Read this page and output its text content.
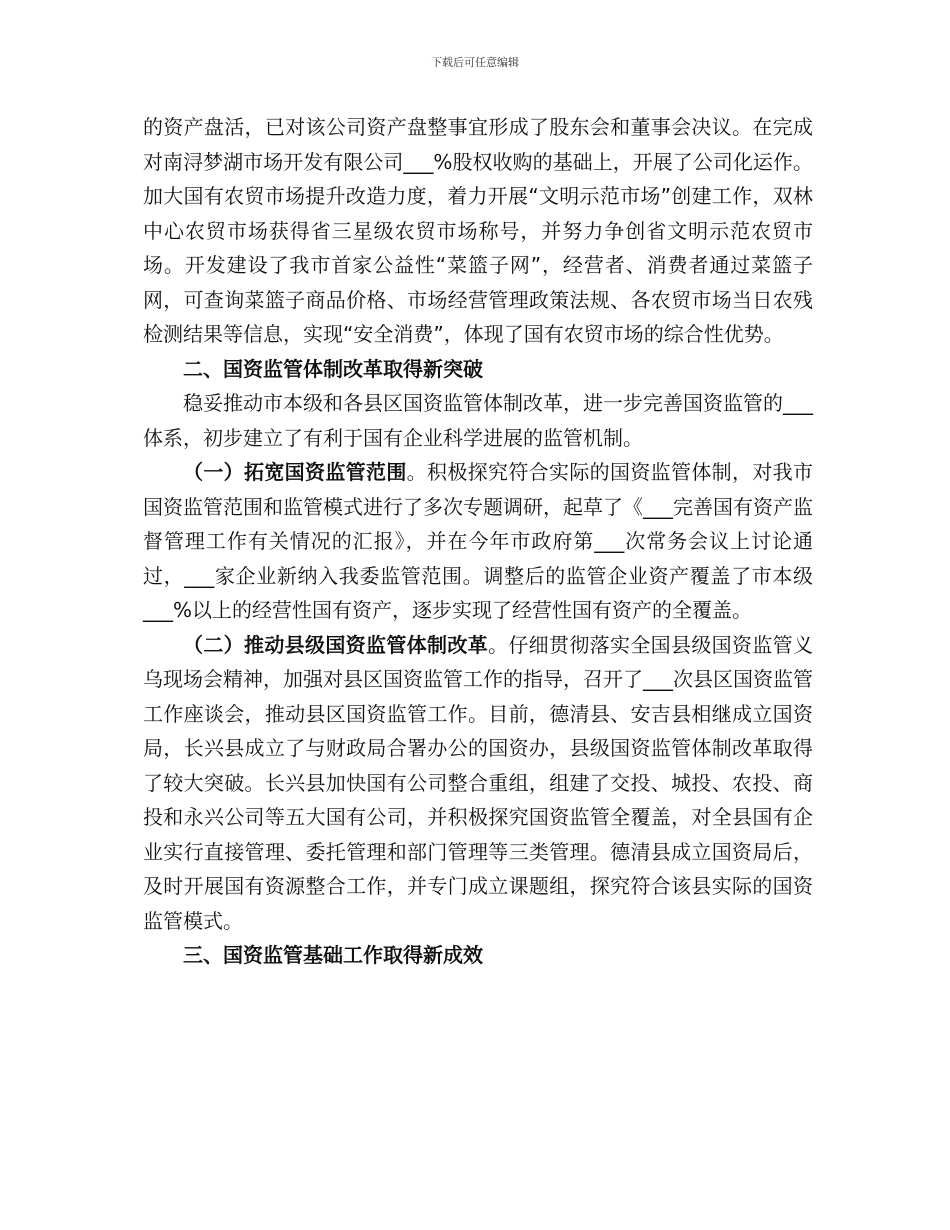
下载后可任意编辑

的资产盘活，已对该公司资产盘整事宜形成了股东会和董事会决议。在完成对南浔梦湖市场开发有限公司___%股权收购的基础上，开展了公司化运作。加大国有农贸市场提升改造力度，着力开展“文明示范市场”创建工作，双林中心农贸市场获得省三星级农贸市场称号，并努力争创省文明示范农贸市场。开发建设了我市首家公益性“菜篮子网”，经营者、消费者通过菜篮子网，可查询菜篮子商品价格、市场经营管理政策法规、各农贸市场当日农残检测结果等信息，实现“安全消费”，体现了国有农贸市场的综合性优势。

二、国资监管体制改革取得新突破

稳妥推动市本级和各县区国资监管体制改革，进一步完善国资监管的___体系，初步建立了有利于国有企业科学进展的监管机制。

（一）拓宽国资监管范围。积极探究符合实际的国资监管体制，对我市国资监管范围和监管模式进行了多次专题调研，起草了《___完善国有资产监督管理工作有关情况的汇报》，并在今年市政府第___次常务会议上讨论通过，___家企业新纳入我委监管范围。调整后的监管企业资产覆盖了市本级___%以上的经营性国有资产，逐步实现了经营性国有资产的全覆盖。

（二）推动县级国资监管体制改革。仔细贯彻落实全国县级国资监管义乌现场会精神，加强对县区国资监管工作的指导，召开了___次县区国资监管工作座谈会，推动县区国资监管工作。目前，德清县、安吉县相继成立国资局，长兴县成立了与财政局合署办公的国资办，县级国资监管体制改革取得了较大突破。长兴县加快国有公司整合重组，组建了交投、城投、农投、商投和永兴公司等五大国有公司，并积极探究国资监管全覆盖，对全县国有企业实行直接管理、委托管理和部门管理等三类管理。德清县成立国资局后，及时开展国有资源整合工作，并专门成立课题组，探究符合该县实际的国资监管模式。

三、国资监管基础工作取得新成效
